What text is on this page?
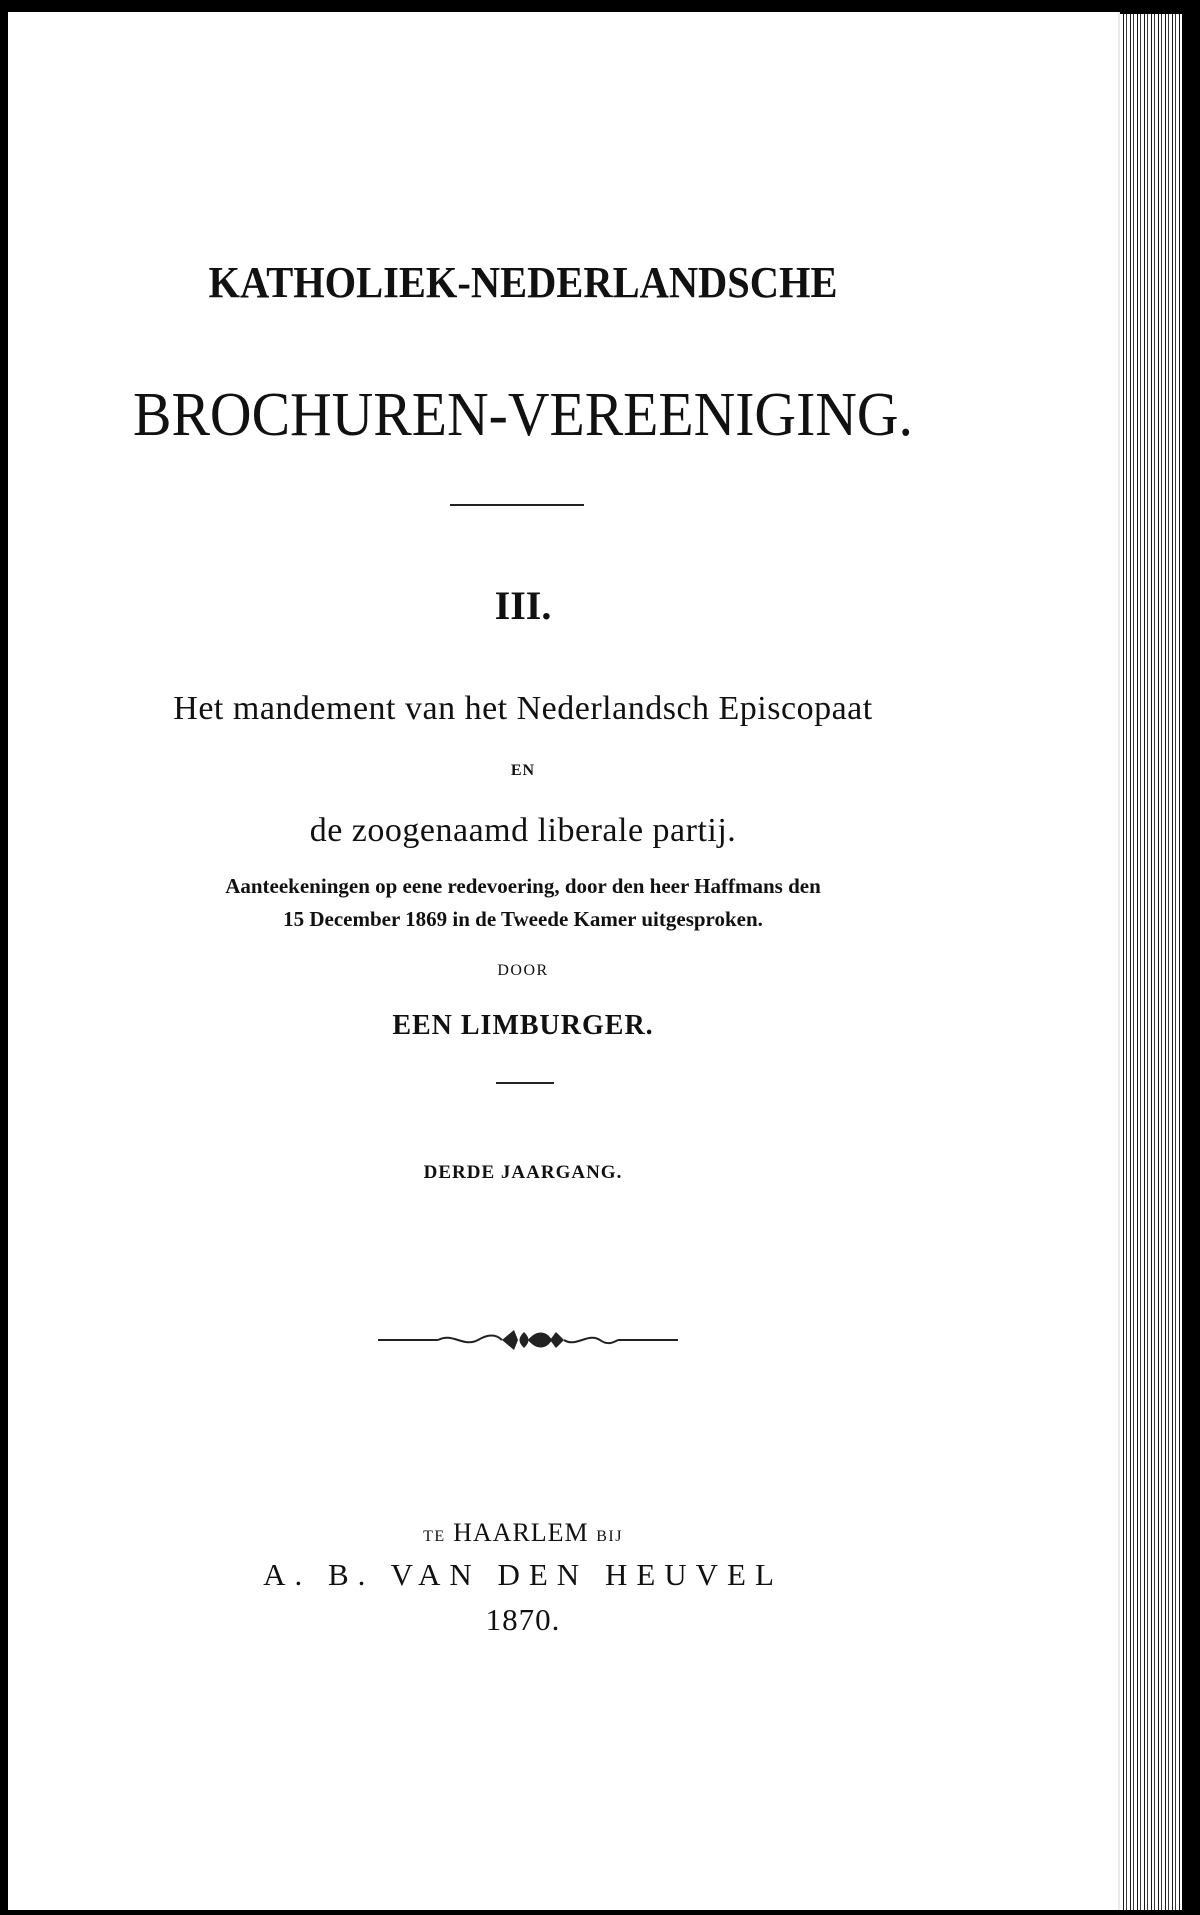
KATHOLIEK-NEDERLANDSCHE
BROCHUREN-VEREENIGING.
III.
Het mandement van het Nederlandsch Episcopaat
EN
de zoogenaamd liberale partij.
Aanteekeningen op eene redevoering, door den heer Haffmans den
15 December 1869 in de Tweede Kamer uitgesproken.
DOOR
EEN LIMBURGER.
DERDE JAARGANG.
TE HAARLEM BIJ
A. B. VAN DEN HEUVEL
1870.
